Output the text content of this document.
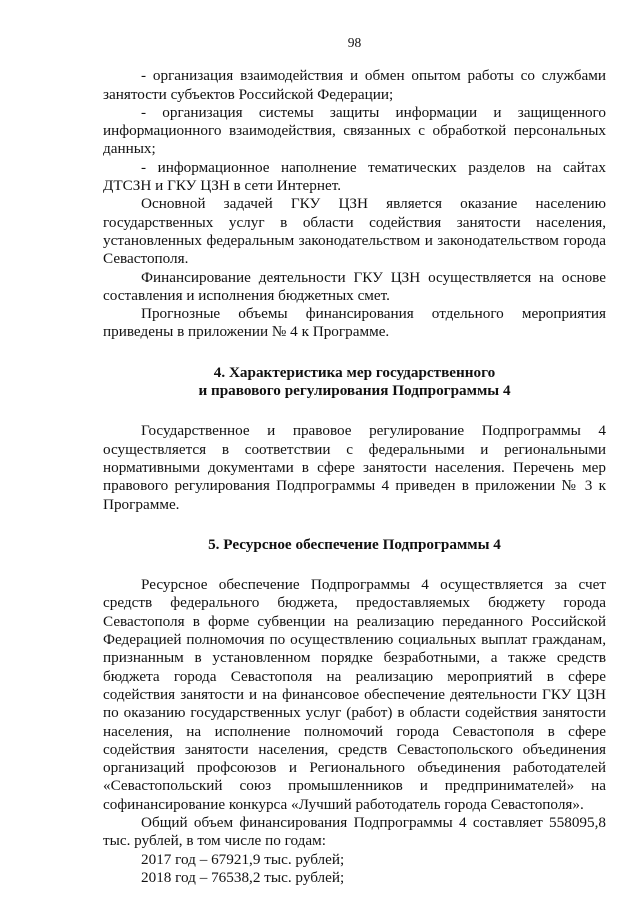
98

- организация взаимодействия и обмен опытом работы со службами занятости субъектов Российской Федерации;

- организация системы защиты информации и защищенного информационного взаимодействия, связанных с обработкой персональных данных;

- информационное наполнение тематических разделов на сайтах ДТСЗН и ГКУ ЦЗН в сети Интернет.

Основной задачей ГКУ ЦЗН является оказание населению государственных услуг в области содействия занятости населения, установленных федеральным законодательством и законодательством города Севастополя.

Финансирование деятельности ГКУ ЦЗН осуществляется на основе составления и исполнения бюджетных смет.

Прогнозные объемы финансирования отдельного мероприятия приведены в приложении № 4 к Программе.

4. Характеристика мер государственного
и правового регулирования Подпрограммы 4

Государственное и правовое регулирование Подпрограммы 4 осуществляется в соответствии с федеральными и региональными нормативными документами в сфере занятости населения. Перечень мер правового регулирования Подпрограммы 4 приведен в приложении № 3 к Программе.

5. Ресурсное обеспечение Подпрограммы 4

Ресурсное обеспечение Подпрограммы 4 осуществляется за счет средств федерального бюджета, предоставляемых бюджету города Севастополя в форме субвенции на реализацию переданного Российской Федерацией полномочия по осуществлению социальных выплат гражданам, признанным в установленном порядке безработными, а также средств бюджета города Севастополя на реализацию мероприятий в сфере содействия занятости и на финансовое обеспечение деятельности ГКУ ЦЗН по оказанию государственных услуг (работ) в области содействия занятости населения, на исполнение полномочий города Севастополя в сфере содействия занятости населения, средств Севастопольского объединения организаций профсоюзов и Регионального объединения работодателей «Севастопольский союз промышленников и предпринимателей» на софинансирование конкурса «Лучший работодатель города Севастополя».

Общий объем финансирования Подпрограммы 4 составляет 558095,8 тыс. рублей, в том числе по годам:

2017 год – 67921,9 тыс. рублей;

2018 год – 76538,2 тыс. рублей;
